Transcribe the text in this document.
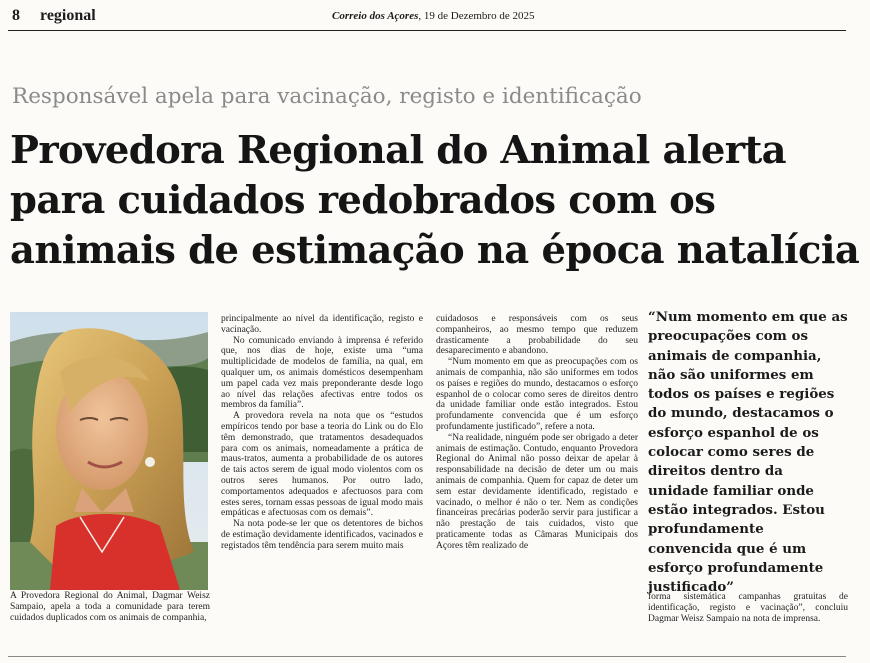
8 regional	Correio dos Açores, 19 de Dezembro de 2025
Responsável apela para vacinação, registo e identificação
Provedora Regional do Animal alerta para cuidados redobrados com os animais de estimação na época natalícia

A Provedora Regional do Animal, Dagmar Weisz Sampaio, apela a toda a comunidade para terem cuidados duplicados com os animais de companhia,

principalmente ao nível da identificação, registo e vacinação.

No comunicado enviando à imprensa é referido que, nos dias de hoje, existe uma “uma multiplicidade de modelos de família, na qual, em qualquer um, os animais domésticos desempenham um papel cada vez mais preponderante desde logo ao nível das relações afectivas entre todos os membros da família”.

A provedora revela na nota que os “estudos empíricos tendo por base a teoria do Link ou do Elo têm demonstrado, que tratamentos desadequados para com os animais, nomeadamente a prática de maus-tratos, aumenta a probabilidade de os autores de tais actos serem de igual modo violentos com os outros seres humanos. Por outro lado, comportamentos adequados e afectuosos para com estes seres, tornam essas pessoas de igual modo mais empáticas e afectuosas com os demais”.

Na nota pode-se ler que os detentores de bichos de estimação devidamente identificados, vacinados e registados têm tendência para serem muito mais

cuidadosos e responsáveis com os seus companheiros, ao mesmo tempo que reduzem drasticamente a probabilidade do seu desaparecimento e abandono.

“Num momento em que as preocupações com os animais de companhia, não são uniformes em todos os países e regiões do mundo, destacamos o esforço espanhol de o colocar como seres de direitos dentro da unidade familiar onde estão integrados. Estou profundamente convencida que é um esforço profundamente justificado”, refere a nota.

“Na realidade, ninguém pode ser obrigado a deter animais de estimação. Contudo, enquanto Provedora Regional do Animal não posso deixar de apelar à responsabilidade na decisão de deter um ou mais animais de companhia. Quem for capaz de deter um sem estar devidamente identificado, registado e vacinado, o melhor é não o ter. Nem as condições financeiras precárias poderão servir para justificar a não prestação de tais cuidados, visto que praticamente todas as Câmaras Municipais dos Açores têm realizado de

“Num momento em que as preocupações com os animais de companhia, não são uniformes em todos os países e regiões do mundo, destacamos o esforço espanhol de os colocar como seres de direitos dentro da unidade familiar onde estão integrados. Estou profundamente convencida que é um esforço profundamente justificado”

forma sistemática campanhas gratuitas de identificação, registo e vacinação”, concluiu Dagmar Weisz Sampaio na nota de imprensa.
